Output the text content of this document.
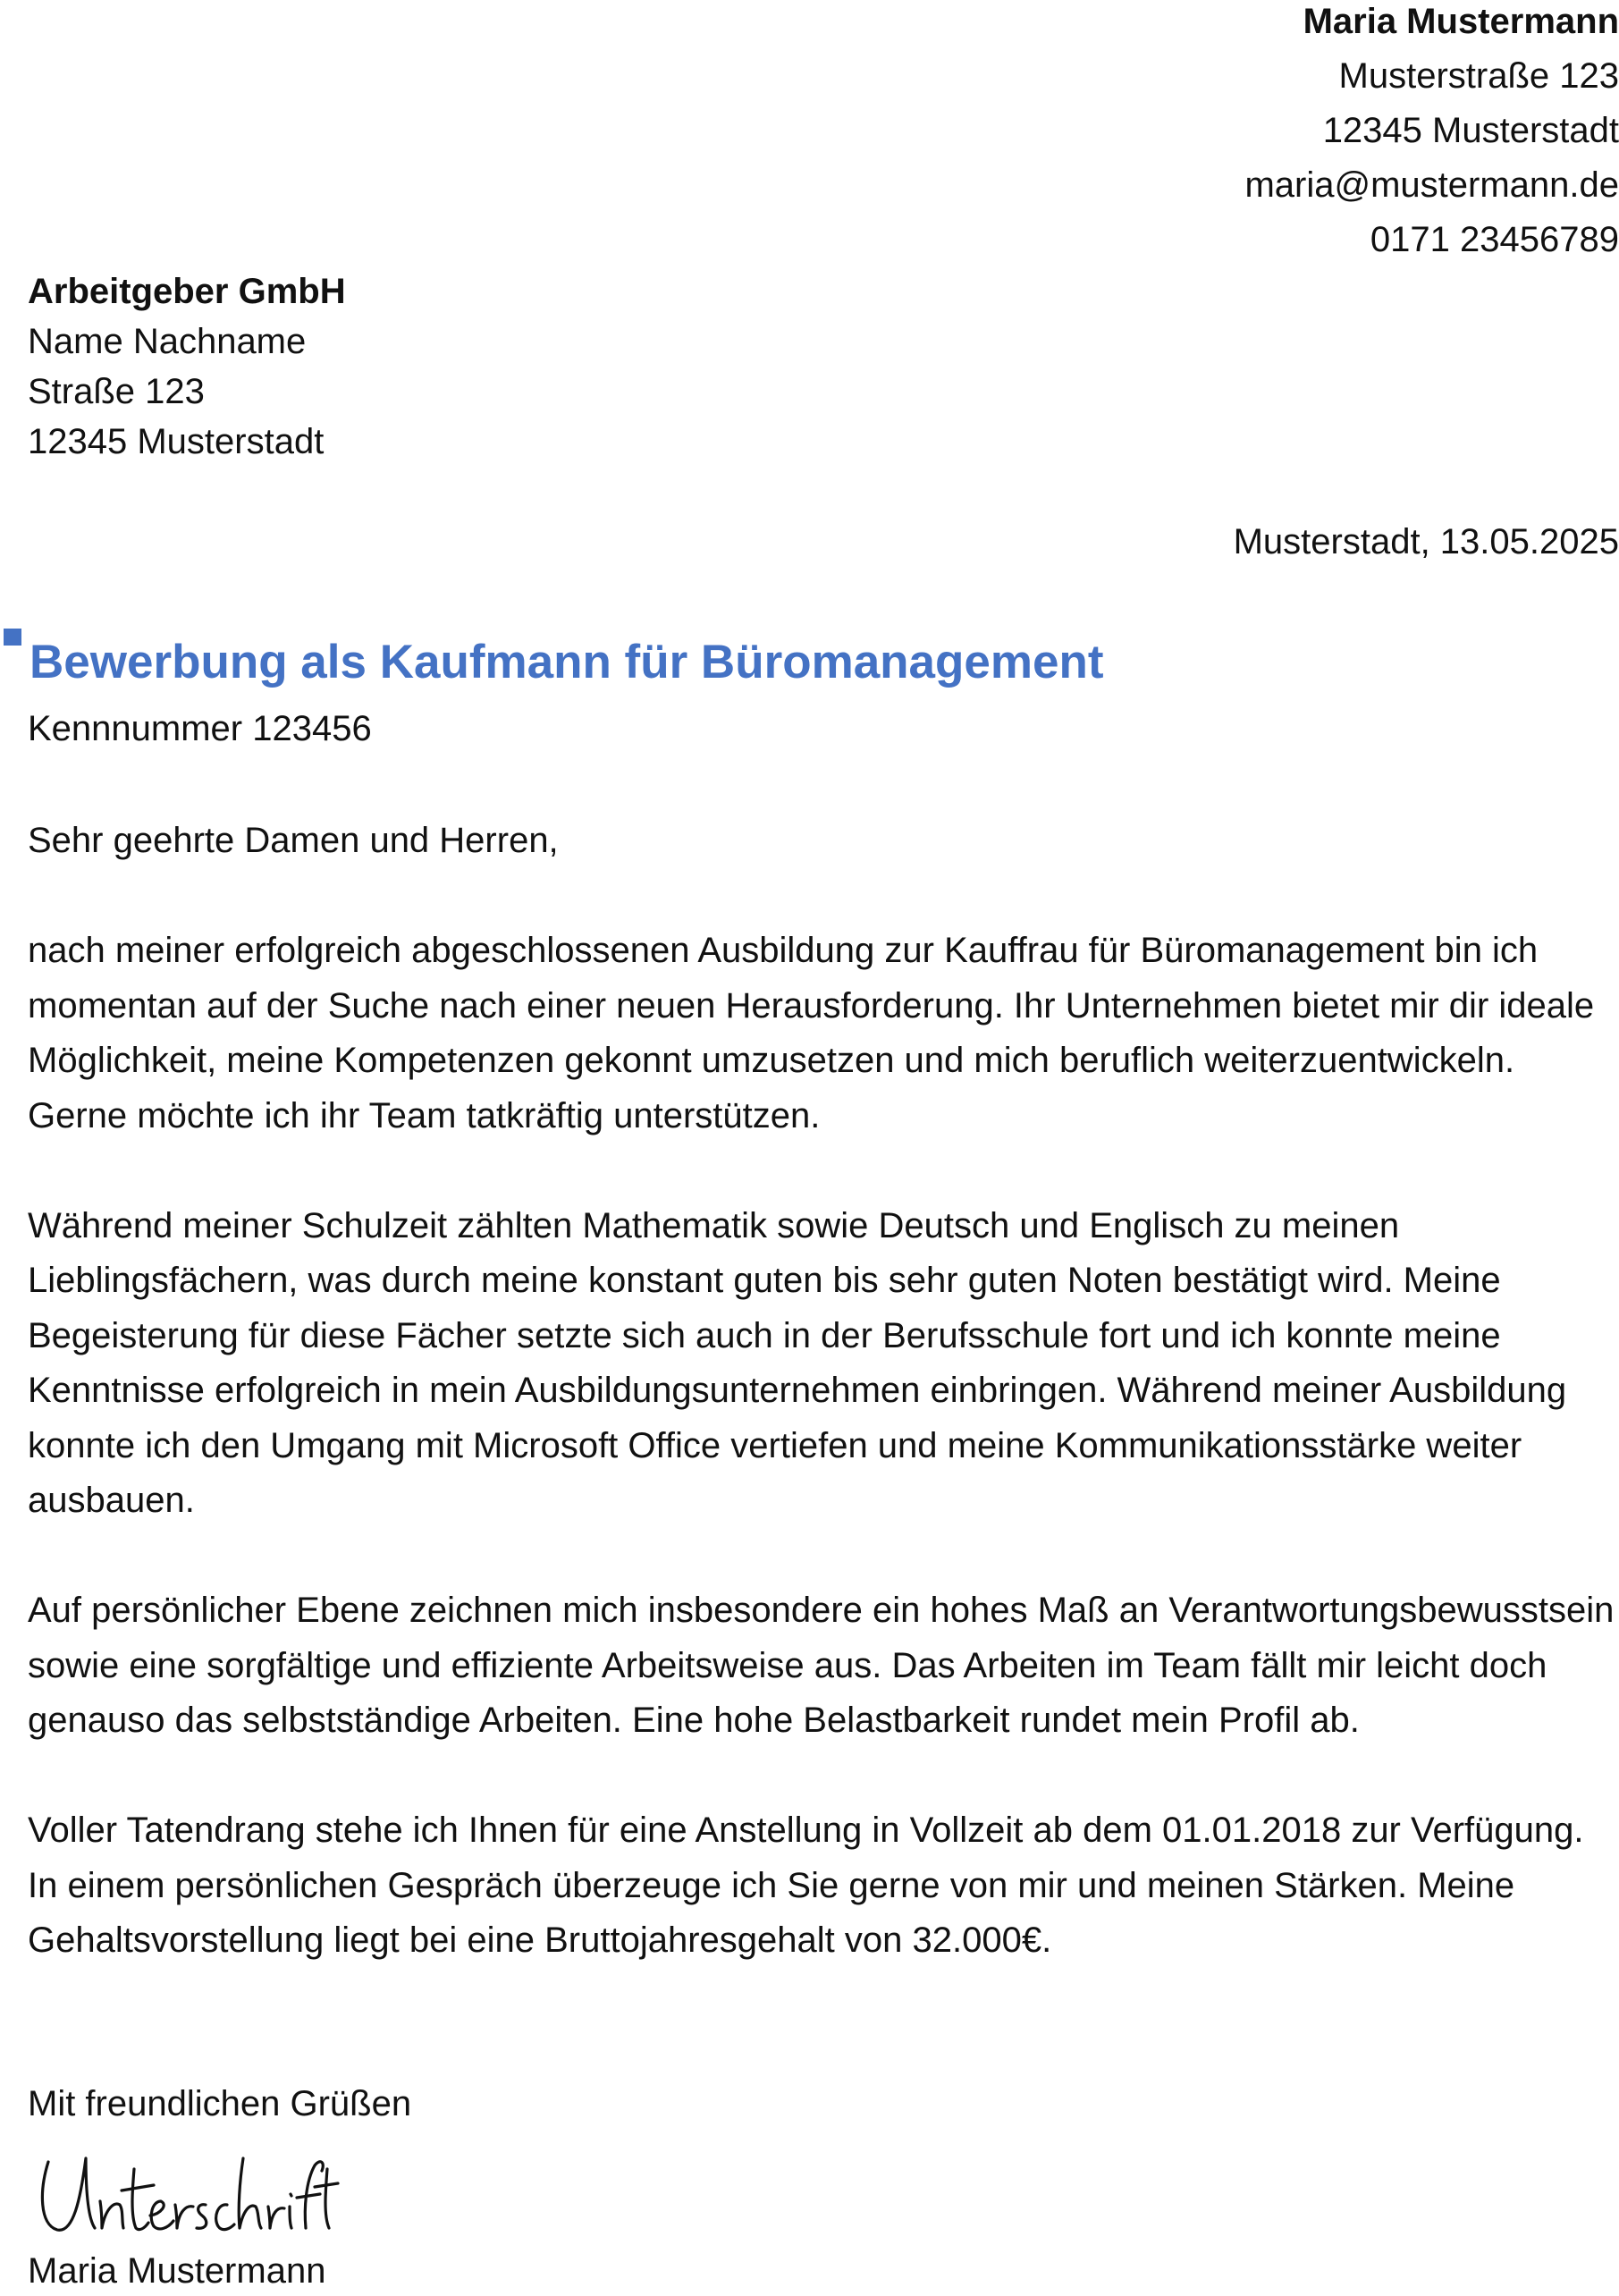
Maria Mustermann
Musterstraße 123
12345 Musterstadt
maria@mustermann.de
0171 23456789
Arbeitgeber GmbH
Name Nachname
Straße 123
12345 Musterstadt
Musterstadt, 13.05.2025
Bewerbung als Kaufmann für Büromanagement
Kennnummer 123456

Sehr geehrte Damen und Herren,

nach meiner erfolgreich abgeschlossenen Ausbildung zur Kauffrau für Büromanagement bin ich momentan auf der Suche nach einer neuen Herausforderung. Ihr Unternehmen bietet mir dir ideale Möglichkeit, meine Kompetenzen gekonnt umzusetzen und mich beruflich weiterzuentwickeln. Gerne möchte ich ihr Team tatkräftig unterstützen.

Während meiner Schulzeit zählten Mathematik sowie Deutsch und Englisch zu meinen Lieblingsfächern, was durch meine konstant guten bis sehr guten Noten bestätigt wird. Meine Begeisterung für diese Fächer setzte sich auch in der Berufsschule fort und ich konnte meine Kenntnisse erfolgreich in mein Ausbildungsunternehmen einbringen. Während meiner Ausbildung konnte ich den Umgang mit Microsoft Office vertiefen und meine Kommunikationsstärke weiter ausbauen.

Auf persönlicher Ebene zeichnen mich insbesondere ein hohes Maß an Verantwortungsbewusstsein sowie eine sorgfältige und effiziente Arbeitsweise aus. Das Arbeiten im Team fällt mir leicht doch genauso das selbstständige Arbeiten. Eine hohe Belastbarkeit rundet mein Profil ab.

Voller Tatendrang stehe ich Ihnen für eine Anstellung in Vollzeit ab dem 01.01.2018 zur Verfügung. In einem persönlichen Gespräch überzeuge ich Sie gerne von mir und meinen Stärken. Meine Gehaltsvorstellung liegt bei eine Bruttojahresgehalt von 32.000€.

Mit freundlichen Grüßen
Maria Mustermann
